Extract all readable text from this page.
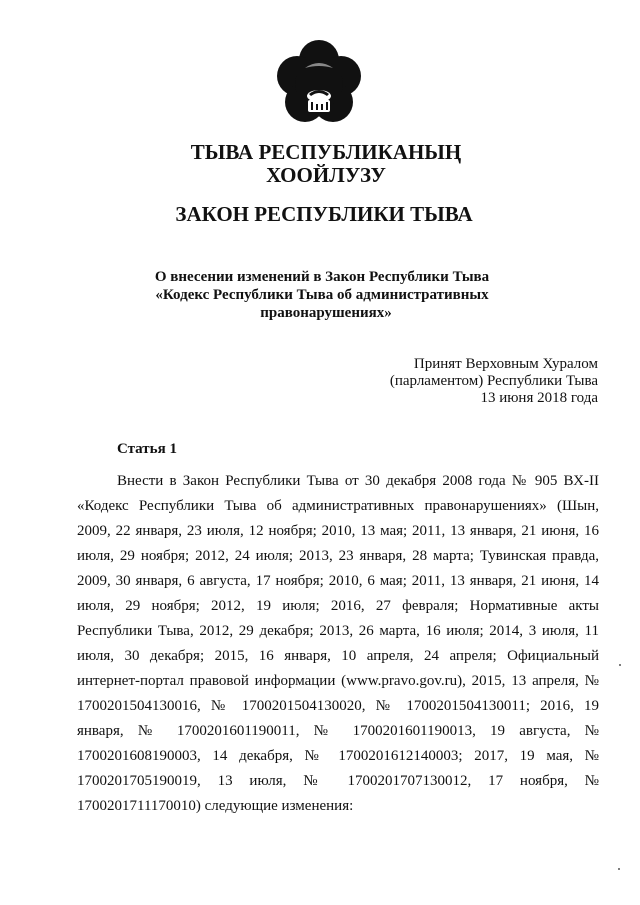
ТЫВА РЕСПУБЛИКАНЫҢ
ХООЙЛУЗУ
ЗАКОН РЕСПУБЛИКИ ТЫВА
О внесении изменений в Закон Республики Тыва
«Кодекс Республики Тыва об административных
правонарушениях»
Принят Верховным Хуралом
(парламентом) Республики Тыва
13 июня 2018 года
Статья 1
Внести в Закон Республики Тыва от 30 декабря 2008 года № 905 ВХ-II
«Кодекс Республики Тыва об административных правонарушениях» (Шын,
2009, 22 января, 23 июля, 12 ноября; 2010, 13 мая; 2011, 13 января, 21 июня, 16
июля, 29 ноября; 2012, 24 июля; 2013, 23 января, 28 марта; Тувинская правда,
2009, 30 января, 6 августа, 17 ноября; 2010, 6 мая; 2011, 13 января, 21 июня, 14
июля, 29 ноября; 2012, 19 июля; 2016, 27 февраля; Нормативные акты
Республики Тыва, 2012, 29 декабря; 2013, 26 марта, 16 июля; 2014, 3 июля, 11
июля, 30 декабря; 2015, 16 января, 10 апреля, 24 апреля; Официальный
интернет-портал правовой информации (www.pravo.gov.ru), 2015, 13 апреля, №
1700201504130016, № 1700201504130020, № 1700201504130011; 2016, 19
января, № 1700201601190011, № 1700201601190013, 19 августа, №
1700201608190003, 14 декабря, № 1700201612140003; 2017, 19 мая, №
1700201705190019, 13 июля, № 1700201707130012, 17 ноября, №
1700201711170010) следующие изменения:
